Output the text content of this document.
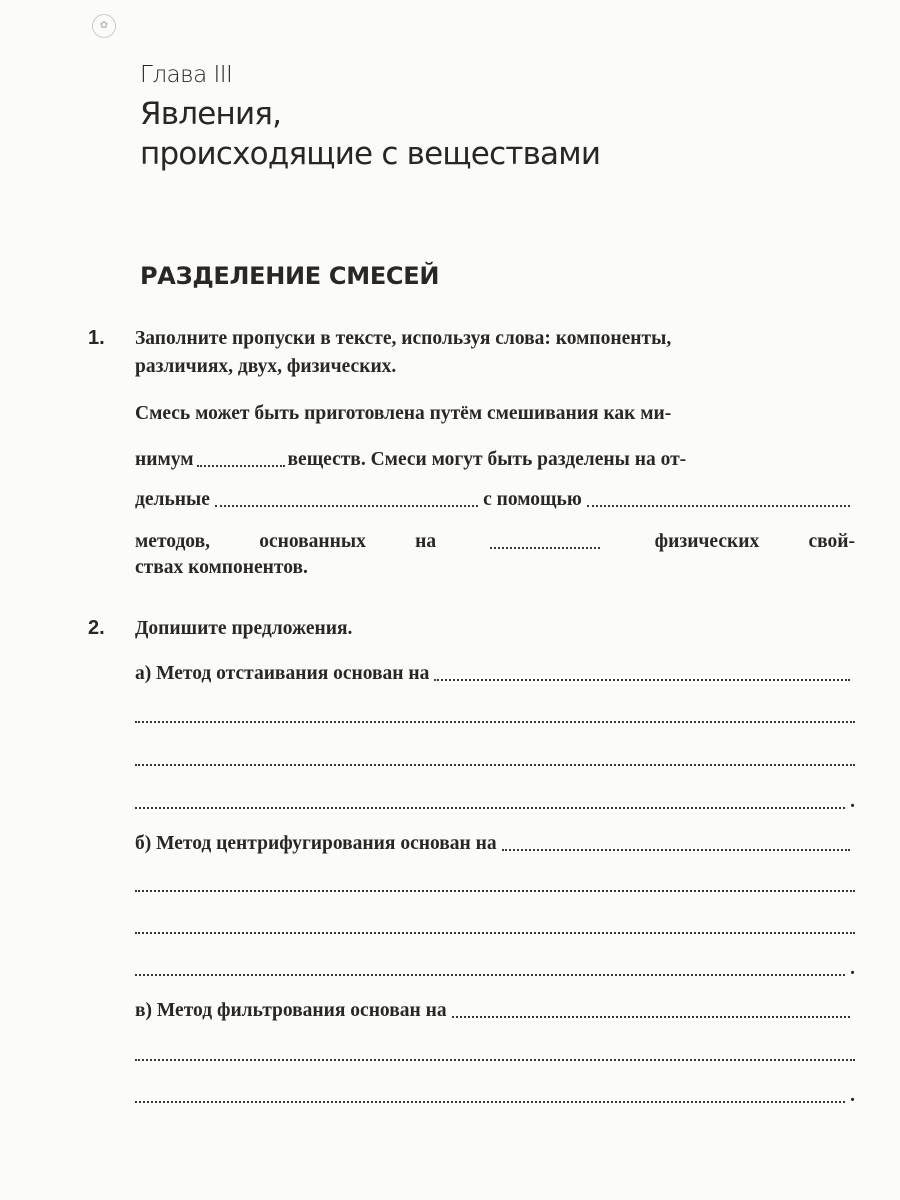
✿
Глава III
Явления,
происходящие с веществами
РАЗДЕЛЕНИЕ СМЕСЕЙ
1. Заполните пропуски в тексте, используя слова: компоненты,
различиях, двух, физических.
Смесь может быть приготовлена путём смешивания как ми-
нимум	веществ. Смеси могут быть разделены на от-
дельные	с помощью
методов,	основанных	на	физических	свой-
ствах компонентов.
2. Допишите предложения.
а) Метод отстаивания основан на
.
б) Метод центрифугирования основан на
.
в) Метод фильтрования основан на
.
